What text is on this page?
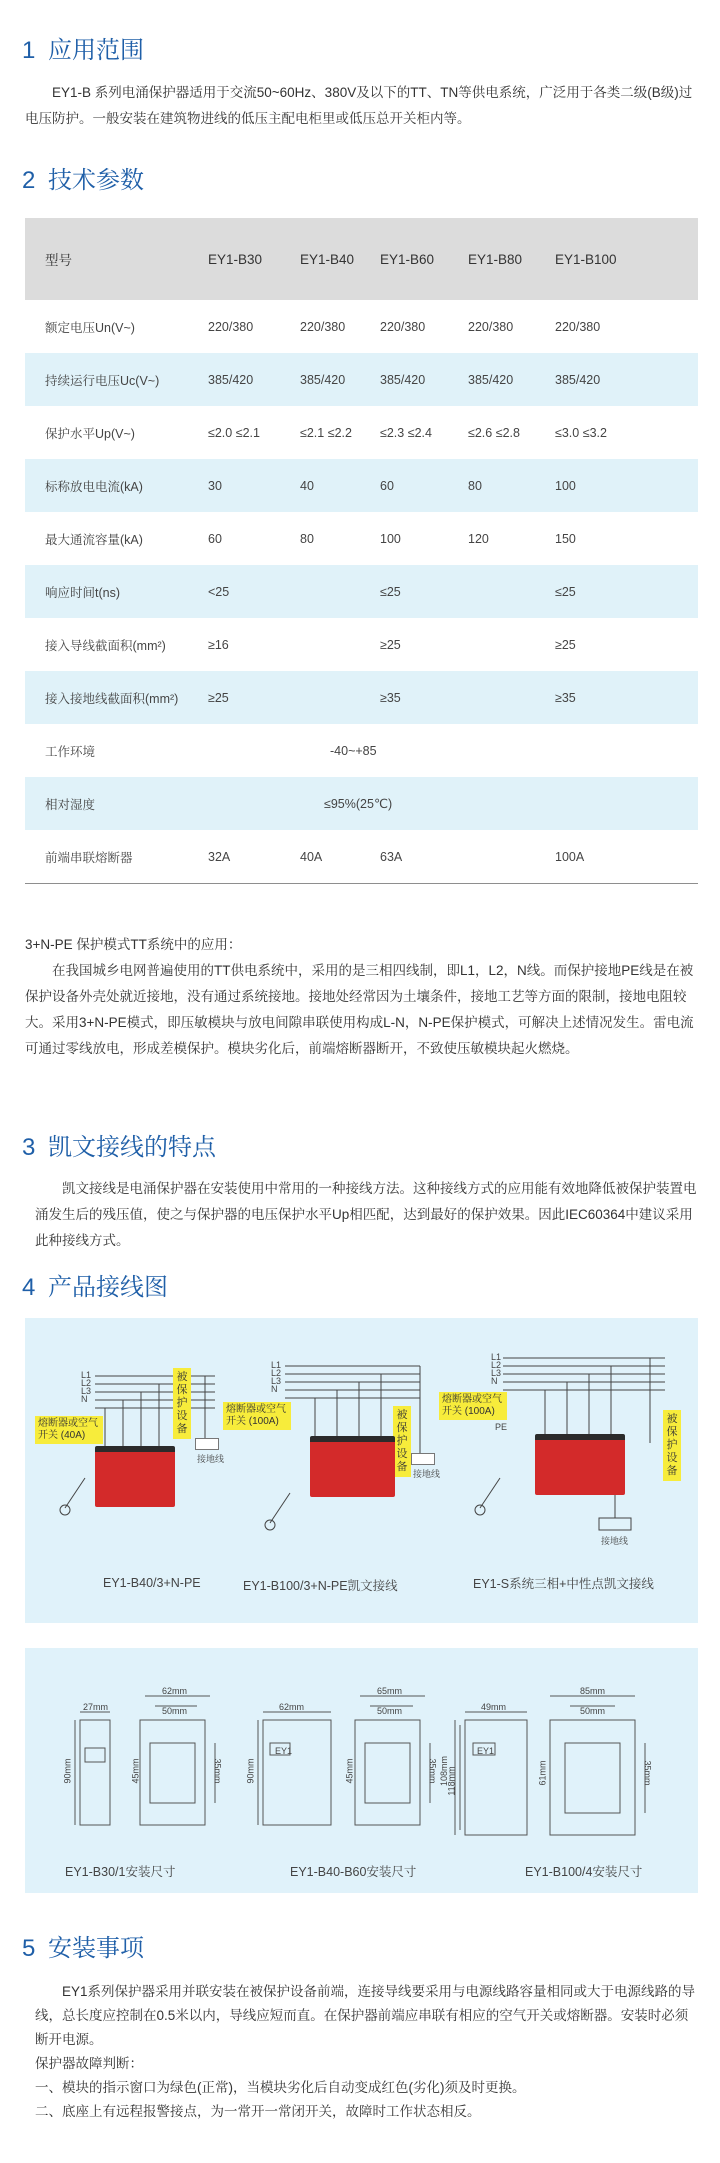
1 应用范围

EY1-B 系列电涌保护器适用于交流50~60Hz、380V及以下的TT、TN等供电系统，广泛用于各类二级(B级)过电压防护。一般安装在建筑物进线的低压主配电柜里或低压总开关柜内等。

2 技术参数
型号	EY1-B30	EY1-B40	EY1-B60	EY1-B80	EY1-B100
额定电压Un(V~)	220/380	220/380	220/380	220/380	220/380
持续运行电压Uc(V~)	385/420	385/420	385/420	385/420	385/420
保护水平Up(V~)	≤2.0 ≤2.1	≤2.1 ≤2.2	≤2.3 ≤2.4	≤2.6 ≤2.8	≤3.0 ≤3.2
标称放电电流(kA)	30	40	60	80	100
最大通流容量(kA)	60	80	100	120	150
响应时间t(ns)	<25		≤25		≤25
接入导线截面积(mm²)	≥16		≥25		≥25
接入接地线截面积(mm²)	≥25		≥35		≥35
工作环境		-40~+85			
相对湿度		≤95%(25℃)			
前端串联熔断器	32A	40A	63A		100A

3+N-PE 保护模式TT系统中的应用：

在我国城乡电网普遍使用的TT供电系统中，采用的是三相四线制，即L1，L2，N线。而保护接地PE线是在被保护设备外壳处就近接地，没有通过系统接地。接地处经常因为土壤条件，接地工艺等方面的限制，接地电阻较大。采用3+N-PE模式，即压敏模块与放电间隙串联使用构成L-N，N-PE保护模式，可解决上述情况发生。雷电流可通过零线放电，形成差模保护。模块劣化后，前端熔断器断开，不致使压敏模块起火燃烧。

3 凯文接线的特点

凯文接线是电涌保护器在安装使用中常用的一种接线方法。这种接线方式的应用能有效地降低被保护装置电涌发生后的残压值，使之与保护器的电压保护水平Up相匹配，达到最好的保护效果。因此IEC60364中建议采用此种接线方式。

4 产品接线图
L1
L2
L3
N
熔断器或空气开关 (40A)
被保护设备
接地线
L1
L2
L3
N
熔断器或空气开关 (100A)
被保护设备
接地线
L1
L2
L3
N
熔断器或空气开关 (100A)
PE
被保护设备
接地线
EY1-B40/3+N-PE	EY1-B100/3+N-PE凯文接线	EY1-S系统三相+中性点凯文接线
27mm
90mm
62mm
50mm
45mm	35mm
62mm
EY1
90mm
65mm
50mm
45mm	35mm
49mm
EY1
108mm
118mm
85mm
50mm
61mm	35mm
EY1-B30/1安装尺寸	EY1-B40-B60安装尺寸	EY1-B100/4安装尺寸
5 安装事项

EY1系列保护器采用并联安装在被保护设备前端，连接导线要采用与电源线路容量相同或大于电源线路的导线，总长度应控制在0.5米以内，导线应短而直。在保护器前端应串联有相应的空气开关或熔断器。安装时必须断开电源。

保护器故障判断：

一、模块的指示窗口为绿色(正常)，当模块劣化后自动变成红色(劣化)须及时更换。

二、底座上有远程报警接点，为一常开一常闭开关，故障时工作状态相反。
